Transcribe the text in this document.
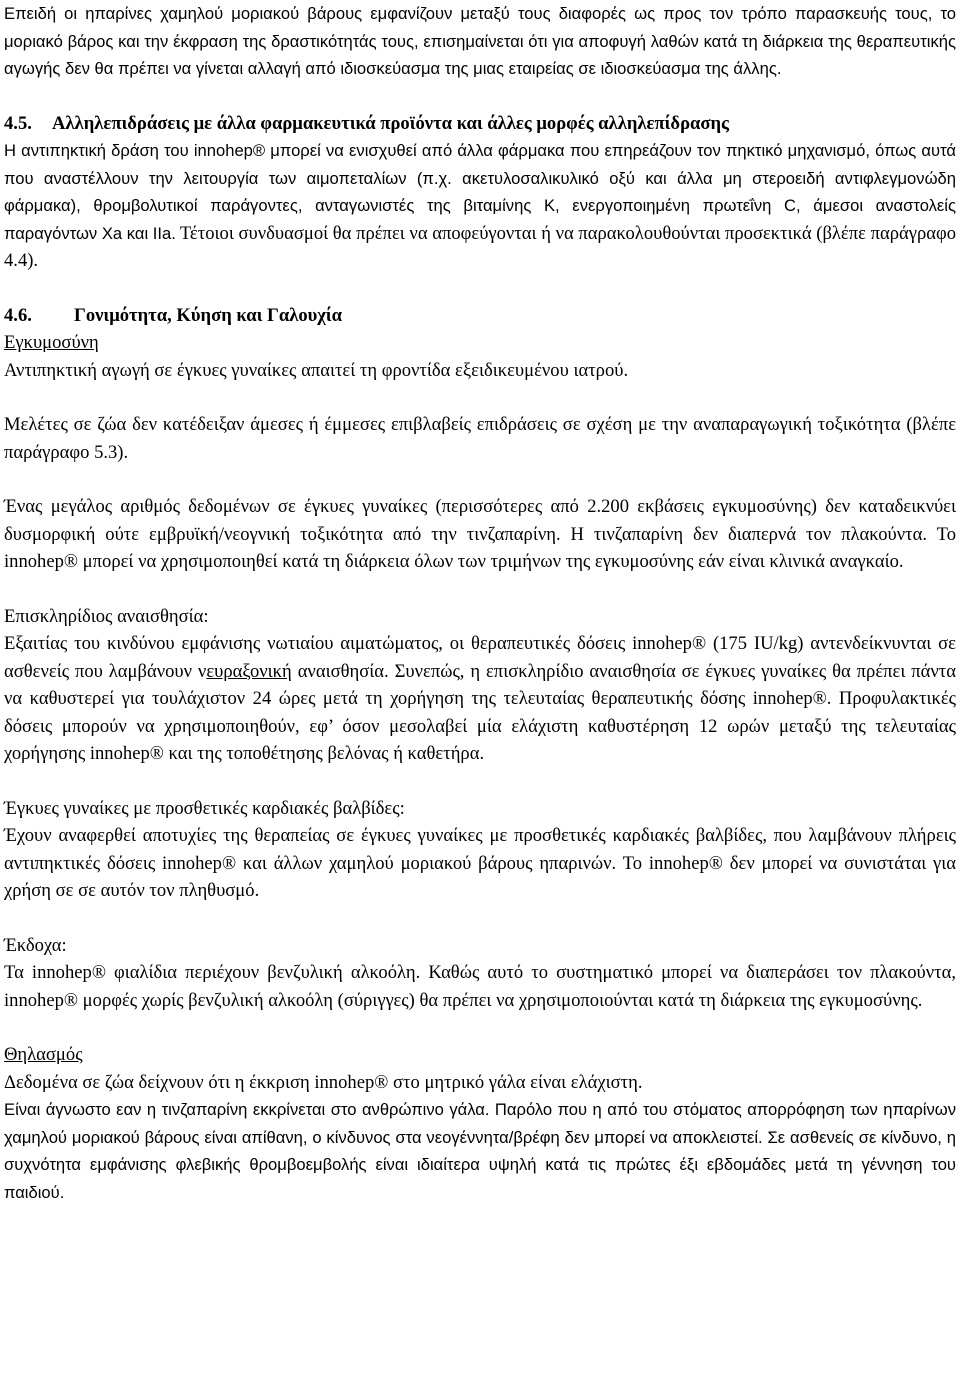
Επειδή οι ηπαρίνες χαμηλού μοριακού βάρους εμφανίζουν μεταξύ τους διαφορές ως προς τον τρόπο παρασκευής τους, το μοριακό βάρος και την έκφραση της δραστικότητάς τους, επισημαίνεται ότι για αποφυγή λαθών κατά τη διάρκεια της θεραπευτικής αγωγής δεν θα πρέπει να γίνεται αλλαγή από ιδιοσκεύασμα της μιας εταιρείας σε ιδιοσκεύασμα της άλλης.

4.5. Αλληλεπιδράσεις με άλλα φαρμακευτικά προϊόντα και άλλες μορφές αλληλεπίδρασης

Η αντιπηκτική δράση του innohep® μπορεί να ενισχυθεί από άλλα φάρμακα που επηρεάζουν τον πηκτικό μηχανισμό, όπως αυτά που αναστέλλουν την λειτουργία των αιμοπεταλίων (π.χ. ακετυλοσαλικυλικό οξύ και άλλα μη στεροειδή αντιφλεγμονώδη φάρμακα), θρομβολυτικοί παράγοντες, ανταγωνιστές της βιταμίνης Κ, ενεργοποιημένη πρωτεΐνη C, άμεσοι αναστολείς παραγόντων Xa και IIa. Τέτοιοι συνδυασμοί θα πρέπει να αποφεύγονται ή να παρακολουθούνται προσεκτικά (βλέπε παράγραφο 4.4).

4.6. Γονιμότητα, Κύηση και Γαλουχία

Εγκυμοσύνη

Αντιπηκτική αγωγή σε έγκυες γυναίκες απαιτεί τη φροντίδα εξειδικευμένου ιατρού.

Μελέτες σε ζώα δεν κατέδειξαν άμεσες ή έμμεσες επιβλαβείς επιδράσεις σε σχέση με την αναπαραγωγική τοξικότητα (βλέπε παράγραφο 5.3).

Ένας μεγάλος αριθμός δεδομένων σε έγκυες γυναίκες (περισσότερες από 2.200 εκβάσεις εγκυμοσύνης) δεν καταδεικνύει δυσμορφική ούτε εμβρυϊκή/νεογνική τοξικότητα από την τινζαπαρίνη. Η τινζαπαρίνη δεν διαπερνά τον πλακούντα. Το innohep® μπορεί να χρησιμοποιηθεί κατά τη διάρκεια όλων των τριμήνων της εγκυμοσύνης εάν είναι κλινικά αναγκαίο.

Επισκληρίδιος αναισθησία:

Εξαιτίας του κινδύνου εμφάνισης νωτιαίου αιματώματος, οι θεραπευτικές δόσεις innohep® (175 IU/kg) αντενδείκνυνται σε ασθενείς που λαμβάνουν νευραξονική αναισθησία. Συνεπώς, η επισκληρίδιο αναισθησία σε έγκυες γυναίκες θα πρέπει πάντα να καθυστερεί για τουλάχιστον 24 ώρες μετά τη χορήγηση της τελευταίας θεραπευτικής δόσης innohep®. Προφυλακτικές δόσεις μπορούν να χρησιμοποιηθούν, εφ’ όσον μεσολαβεί μία ελάχιστη καθυστέρηση 12 ωρών μεταξύ της τελευταίας χορήγησης innohep® και της τοποθέτησης βελόνας ή καθετήρα.

Έγκυες γυναίκες με προσθετικές καρδιακές βαλβίδες:

Έχουν αναφερθεί αποτυχίες της θεραπείας σε έγκυες γυναίκες με προσθετικές καρδιακές βαλβίδες, που λαμβάνουν πλήρεις αντιπηκτικές δόσεις innohep® και άλλων χαμηλού μοριακού βάρους ηπαρινών. Το innohep® δεν μπορεί να συνιστάται για χρήση σε σε αυτόν τον πληθυσμό.

Έκδοχα:

Τα innohep® φιαλίδια περιέχουν βενζυλική αλκοόλη. Καθώς αυτό το συστηματικό μπορεί να διαπεράσει τον πλακούντα, innohep® μορφές χωρίς βενζυλική αλκοόλη (σύριγγες) θα πρέπει να χρησιμοποιούνται κατά τη διάρκεια της εγκυμοσύνης.

Θηλασμός

Δεδομένα σε ζώα δείχνουν ότι η έκκριση innohep® στο μητρικό γάλα είναι ελάχιστη.

Είναι άγνωστο εαν η τινζαπαρίνη εκκρίνεται στο ανθρώπινο γάλα. Παρόλο που η από του στόματος απορρόφηση των ηπαρίνων χαμηλού μοριακού βάρους είναι απίθανη, ο κίνδυνος στα νεογέννητα/βρέφη δεν μπορεί να αποκλειστεί. Σε ασθενείς σε κίνδυνο, η συχνότητα εμφάνισης φλεβικής θρομβοεμβολής είναι ιδιαίτερα υψηλή κατά τις πρώτες έξι εβδομάδες μετά τη γέννηση του παιδιού.
